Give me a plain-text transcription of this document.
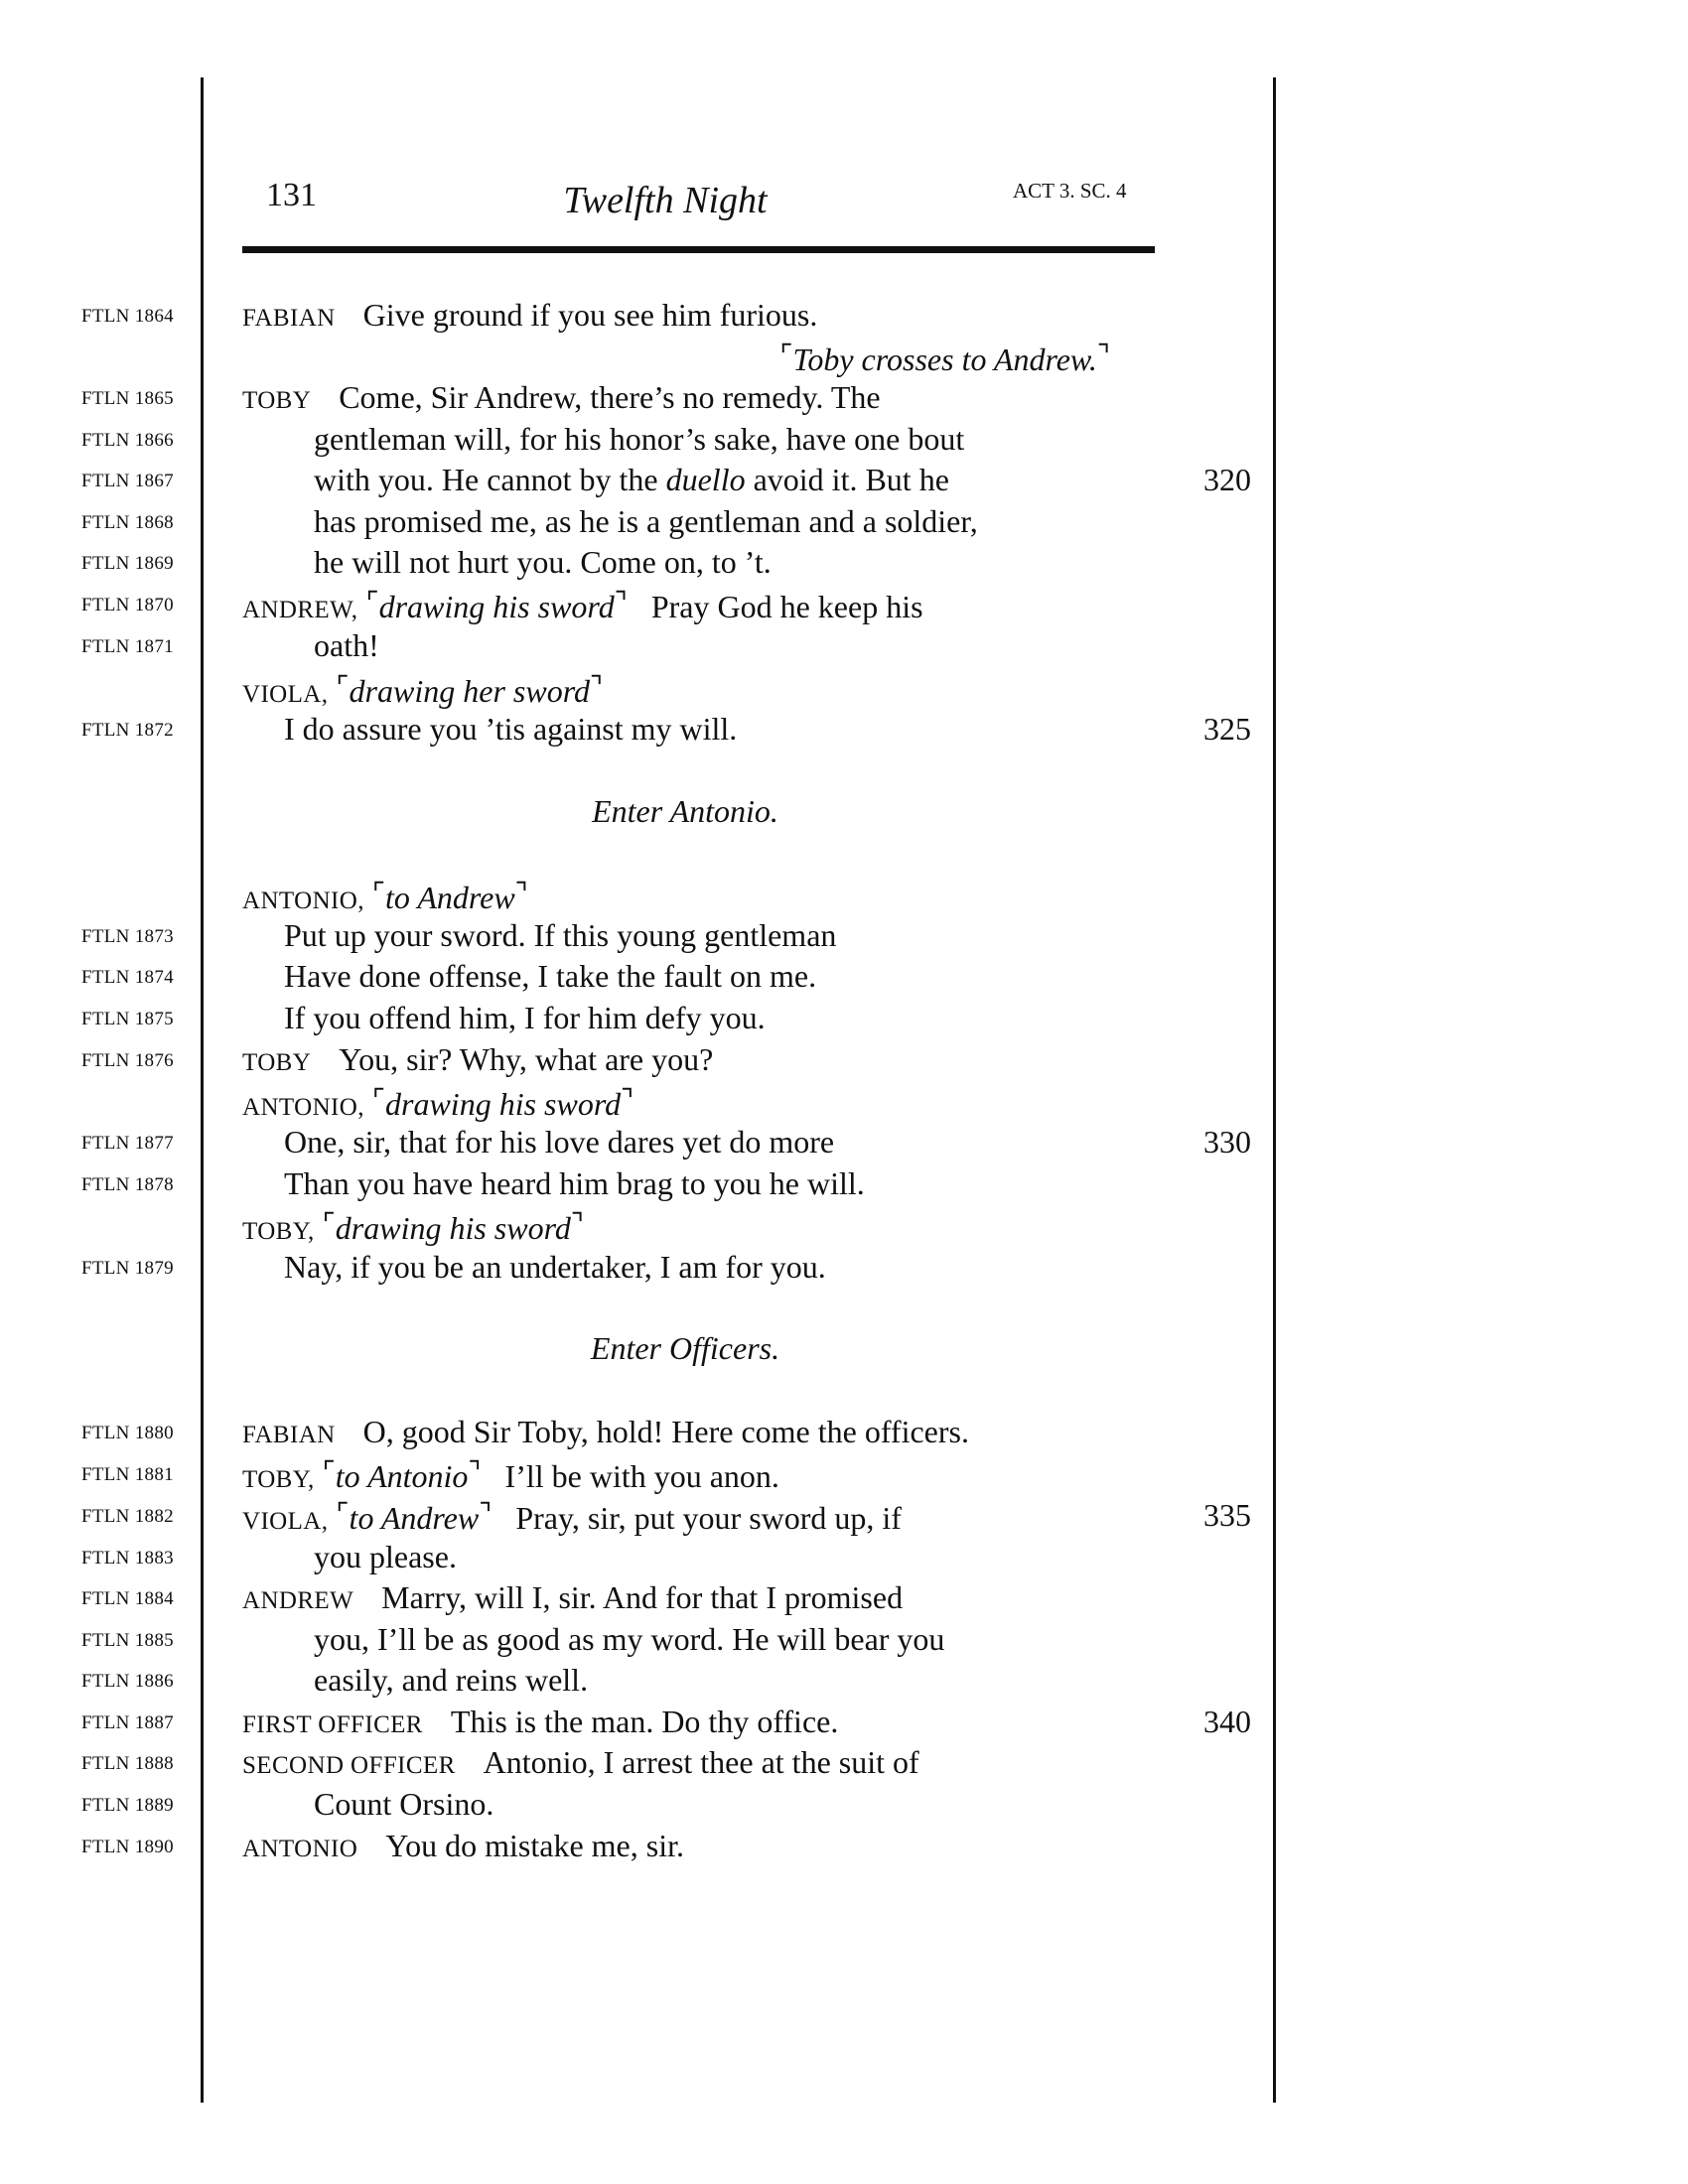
131	Twelfth Night	ACT 3. SC. 4
FTLN 1864	FABIAN Give ground if you see him furious.
⌜Toby crosses to Andrew.⌝
FTLN 1865	TOBY Come, Sir Andrew, there’s no remedy. The
FTLN 1866	gentleman will, for his honor’s sake, have one bout
FTLN 1867	with you. He cannot by the duello avoid it. But he	320
FTLN 1868	has promised me, as he is a gentleman and a soldier,
FTLN 1869	he will not hurt you. Come on, to ’t.
FTLN 1870	ANDREW, ⌜drawing his sword⌝ Pray God he keep his
FTLN 1871	oath!
VIOLA, ⌜drawing her sword⌝
FTLN 1872	I do assure you ’tis against my will.	325
Enter Antonio.
ANTONIO, ⌜to Andrew⌝
FTLN 1873	Put up your sword. If this young gentleman
FTLN 1874	Have done offense, I take the fault on me.
FTLN 1875	If you offend him, I for him defy you.
FTLN 1876	TOBY You, sir? Why, what are you?
ANTONIO, ⌜drawing his sword⌝
FTLN 1877	One, sir, that for his love dares yet do more	330
FTLN 1878	Than you have heard him brag to you he will.
TOBY, ⌜drawing his sword⌝
FTLN 1879	Nay, if you be an undertaker, I am for you.
Enter Officers.
FTLN 1880	FABIAN O, good Sir Toby, hold! Here come the officers.
FTLN 1881	TOBY, ⌜to Antonio⌝ I’ll be with you anon.
FTLN 1882	VIOLA, ⌜to Andrew⌝ Pray, sir, put your sword up, if	335
FTLN 1883	you please.
FTLN 1884	ANDREW Marry, will I, sir. And for that I promised
FTLN 1885	you, I’ll be as good as my word. He will bear you
FTLN 1886	easily, and reins well.
FTLN 1887	FIRST OFFICER This is the man. Do thy office.	340
FTLN 1888	SECOND OFFICER Antonio, I arrest thee at the suit of
FTLN 1889	Count Orsino.
FTLN 1890	ANTONIO You do mistake me, sir.
